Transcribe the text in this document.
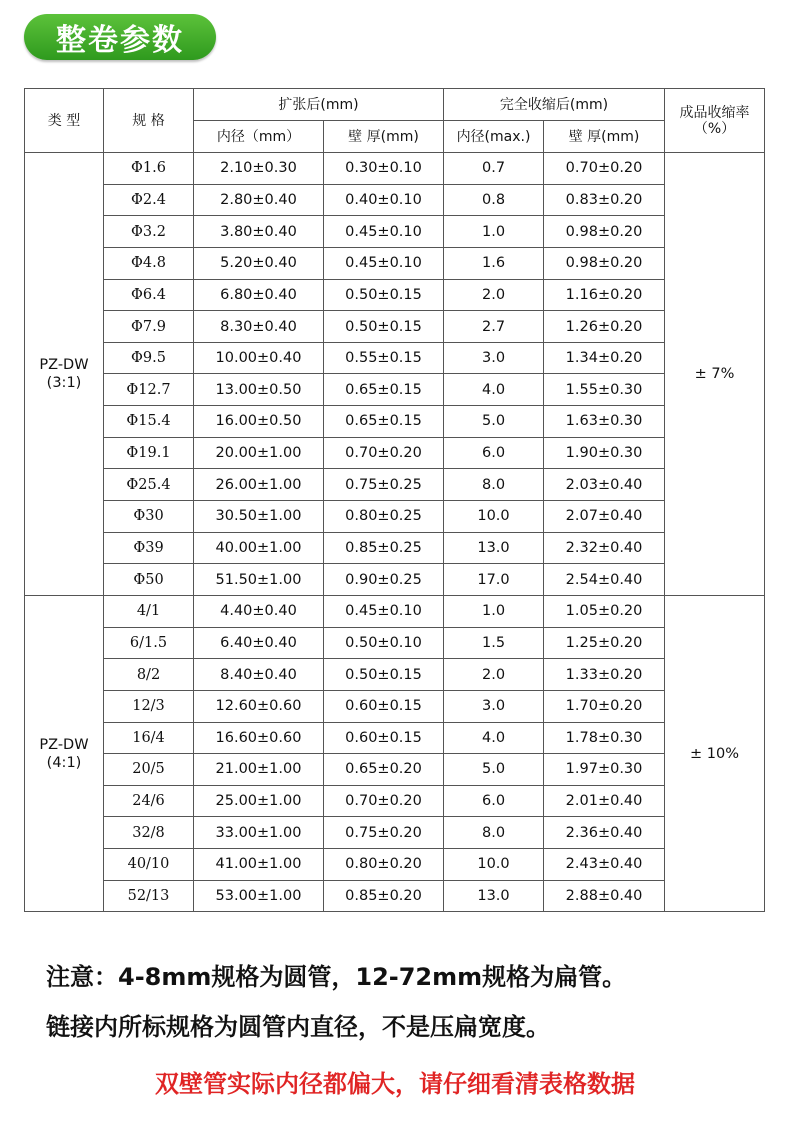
整卷参数
类 型	规 格	扩张后(mm)		完全收缩后(mm)		成品收缩率
（%）

		内径（mm）	壁 厚(mm)	内径(max.)	壁 厚(mm)	

PZ-DW
(3:1)	Φ1.6	2.10±0.30	0.30±0.10	0.7	0.70±0.20	± 7%
	Φ2.4	2.80±0.40	0.40±0.10	0.8	0.83±0.20	
	Φ3.2	3.80±0.40	0.45±0.10	1.0	0.98±0.20	
	Φ4.8	5.20±0.40	0.45±0.10	1.6	0.98±0.20	
	Φ6.4	6.80±0.40	0.50±0.15	2.0	1.16±0.20	
	Φ7.9	8.30±0.40	0.50±0.15	2.7	1.26±0.20	
	Φ9.5	10.00±0.40	0.55±0.15	3.0	1.34±0.20	
	Φ12.7	13.00±0.50	0.65±0.15	4.0	1.55±0.30	
	Φ15.4	16.00±0.50	0.65±0.15	5.0	1.63±0.30	
	Φ19.1	20.00±1.00	0.70±0.20	6.0	1.90±0.30	
	Φ25.4	26.00±1.00	0.75±0.25	8.0	2.03±0.40	
	Φ30	30.50±1.00	0.80±0.25	10.0	2.07±0.40	
	Φ39	40.00±1.00	0.85±0.25	13.0	2.32±0.40	
	Φ50	51.50±1.00	0.90±0.25	17.0	2.54±0.40	

PZ-DW
(4:1)	4/1	4.40±0.40	0.45±0.10	1.0	1.05±0.20	± 10%
	6/1.5	6.40±0.40	0.50±0.10	1.5	1.25±0.20	
	8/2	8.40±0.40	0.50±0.15	2.0	1.33±0.20	
	12/3	12.60±0.60	0.60±0.15	3.0	1.70±0.20	
	16/4	16.60±0.60	0.60±0.15	4.0	1.78±0.30	
	20/5	21.00±1.00	0.65±0.20	5.0	1.97±0.30	
	24/6	25.00±1.00	0.70±0.20	6.0	2.01±0.40	
	32/8	33.00±1.00	0.75±0.20	8.0	2.36±0.40	
	40/10	41.00±1.00	0.80±0.20	10.0	2.43±0.40	
	52/13	53.00±1.00	0.85±0.20	13.0	2.88±0.40	
注意：4-8mm规格为圆管，12-72mm规格为扁管。
链接内所标规格为圆管内直径，不是压扁宽度。
双壁管实际内径都偏大，请仔细看清表格数据
